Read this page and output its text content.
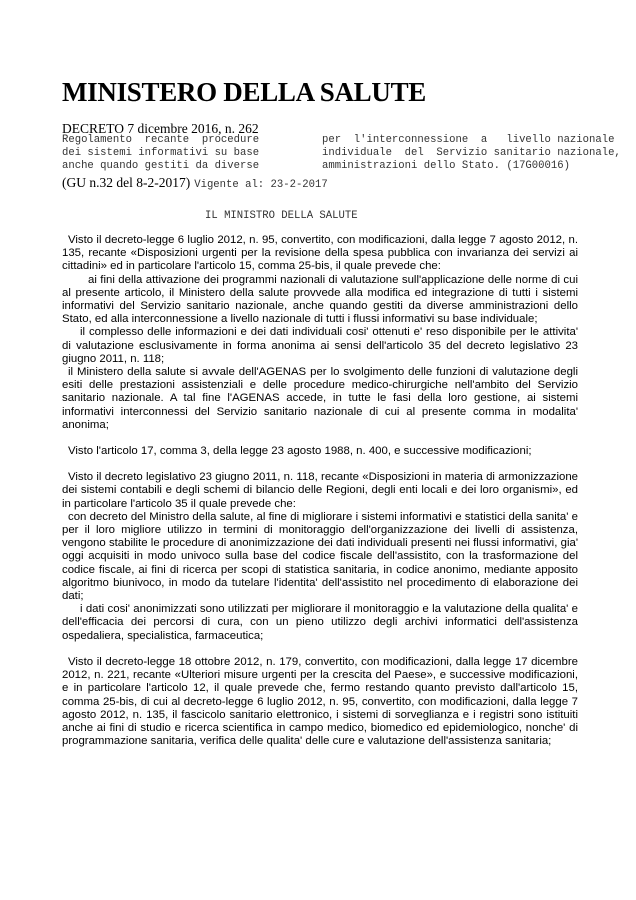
MINISTERO DELLA SALUTE
DECRETO 7 dicembre 2016, n. 262
Regolamento  recante  procedure
dei sistemi informativi su base
anche quando gestiti da diverse
per  l'interconnessione  a   livello nazionale
individuale  del  Servizio sanitario nazionale,
amministrazioni dello Stato. (17G00016)
(GU n.32 del 8-2-2017) Vigente al: 23-2-2017
IL MINISTRO DELLA SALUTE

Visto il decreto-legge 6 luglio 2012, n. 95, convertito, con modificazioni, dalla legge 7 agosto 2012, n. 135, recante «Disposizioni urgenti per la revisione della spesa pubblica con invarianza dei servizi ai cittadini» ed in particolare l'articolo 15, comma 25-bis, il quale prevede che:

ai fini della attivazione dei programmi nazionali di valutazione sull'applicazione delle norme di cui al presente articolo, il Ministero della salute provvede alla modifica ed integrazione di tutti i sistemi informativi del Servizio sanitario nazionale, anche quando gestiti da diverse amministrazioni dello Stato, ed alla interconnessione a livello nazionale di tutti i flussi informativi su base individuale;

il complesso delle informazioni e dei dati individuali cosi' ottenuti e' reso disponibile per le attivita' di valutazione esclusivamente in forma anonima ai sensi dell'articolo 35 del decreto legislativo 23 giugno 2011, n. 118;

il Ministero della salute si avvale dell'AGENAS per lo svolgimento delle funzioni di valutazione degli esiti delle prestazioni assistenziali e delle procedure medico-chirurgiche nell'ambito del Servizio sanitario nazionale. A tal fine l'AGENAS accede, in tutte le fasi della loro gestione, ai sistemi informativi interconnessi del Servizio sanitario nazionale di cui al presente comma in modalita' anonima;

Visto l'articolo 17, comma 3, della legge 23 agosto 1988, n. 400, e successive modificazioni;

Visto il decreto legislativo 23 giugno 2011, n. 118, recante «Disposizioni in materia di armonizzazione dei sistemi contabili e degli schemi di bilancio delle Regioni, degli enti locali e dei loro organismi», ed in particolare l'articolo 35 il quale prevede che:

con decreto del Ministro della salute, al fine di migliorare i sistemi informativi e statistici della sanita' e per il loro migliore utilizzo in termini di monitoraggio dell'organizzazione dei livelli di assistenza, vengono stabilite le procedure di anonimizzazione dei dati individuali presenti nei flussi informativi, gia' oggi acquisiti in modo univoco sulla base del codice fiscale dell'assistito, con la trasformazione del codice fiscale, ai fini di ricerca per scopi di statistica sanitaria, in codice anonimo, mediante apposito algoritmo biunivoco, in modo da tutelare l'identita' dell'assistito nel procedimento di elaborazione dei dati;

i dati cosi' anonimizzati sono utilizzati per migliorare il monitoraggio e la valutazione della qualita' e dell'efficacia dei percorsi di cura, con un pieno utilizzo degli archivi informatici dell'assistenza ospedaliera, specialistica, farmaceutica;

Visto il decreto-legge 18 ottobre 2012, n. 179, convertito, con modificazioni, dalla legge 17 dicembre 2012, n. 221, recante «Ulteriori misure urgenti per la crescita del Paese», e successive modificazioni, e in particolare l'articolo 12, il quale prevede che, fermo restando quanto previsto dall'articolo 15, comma 25-bis, di cui al decreto-legge 6 luglio 2012, n. 95, convertito, con modificazioni, dalla legge 7 agosto 2012, n. 135, il fascicolo sanitario elettronico, i sistemi di sorveglianza e i registri sono istituiti anche ai fini di studio e ricerca scientifica in campo medico, biomedico ed epidemiologico, nonche' di programmazione sanitaria, verifica delle qualita' delle cure e valutazione dell'assistenza sanitaria;
